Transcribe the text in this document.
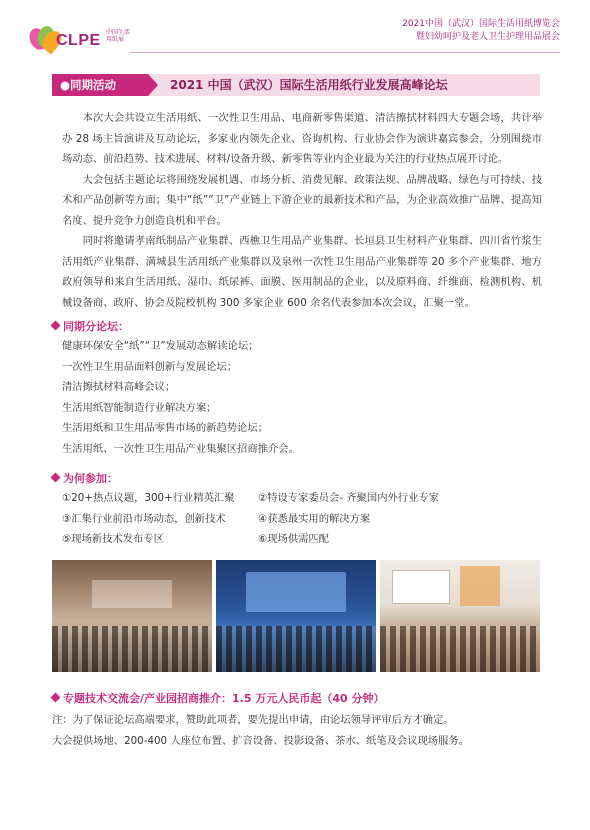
CLPE 中国生活
用纸展
2021中国（武汉）国际生活用纸博览会
暨妇幼呵护及老人卫生护理用品展会
●同期活动	2021 中国（武汉）国际生活用纸行业发展高峰论坛

本次大会共设立生活用纸、一次性卫生用品、电商新零售渠道、清洁擦拭材料四大专题会场，共计举办 28 场主旨演讲及互动论坛，多家业内领先企业、咨询机构、行业协会作为演讲嘉宾参会，分别围绕市场动态、前沿趋势、技术进展、材料/设备升级、新零售等业内企业最为关注的行业热点展开讨论。

大会包括主题论坛将围绕发展机遇、市场分析、消费见解、政策法规、品牌战略、绿色与可持续、技术和产品创新等方面；集中“纸”“卫”产业链上下游企业的最新技术和产品，为企业高效推广品牌、提高知名度、提升竞争力创造良机和平台。

同时将邀请孝南纸制品产业集群、西樵卫生用品产业集群、长垣县卫生材料产业集群、四川省竹浆生活用纸产业集群、满城县生活用纸产业集群以及泉州一次性卫生用品产业集群等 20 多个产业集群、地方政府领导和来自生活用纸、湿巾、纸尿裤、面膜、医用制品的企业，以及原料商、纤维商、检测机构、机械设备商、政府、协会及院校机构 300 多家企业 600 余名代表参加本次会议，汇聚一堂。

同期分论坛：
健康环保安全“纸”“卫”发展动态解读论坛；
一次性卫生用品面料创新与发展论坛；
清洁擦拭材料高峰会议；
生活用纸智能制造行业解决方案；
生活用纸和卫生用品零售市场的新趋势论坛；
生活用纸、一次性卫生用品产业集聚区招商推介会。
为何参加：
①20+热点议题，300+行业精英汇聚	②特设专家委员会- 齐聚国内外行业专家
③汇集行业前沿市场动态，创新技术	④获悉最实用的解决方案
⑤现场新技术发布专区	⑥现场供需匹配
专题技术交流会/产业园招商推介：1.5 万元人民币起（40 分钟）
注：为了保证论坛高端要求，赞助此项者，要先提出申请，由论坛领导评审后方才确定。
大会提供场地、200-400 人座位布置、扩音设备、投影设备、茶水、纸笔及会议现场服务。
